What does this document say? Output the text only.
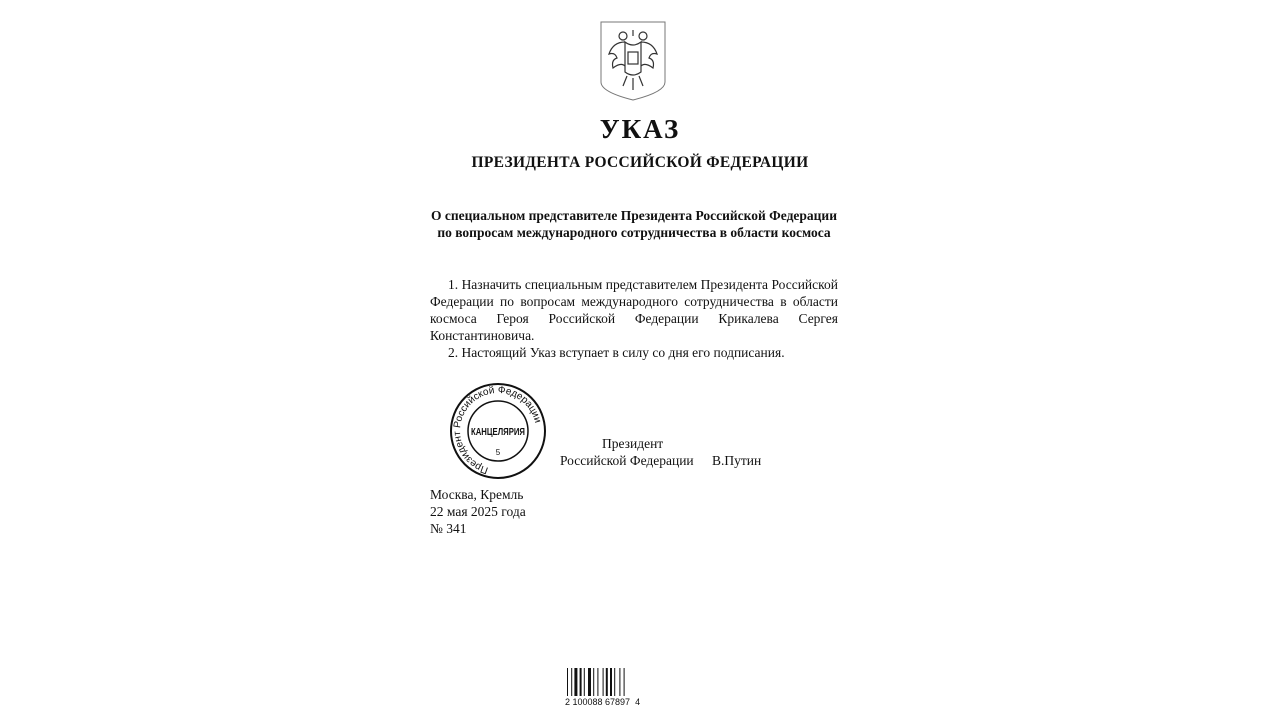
УКАЗ
ПРЕЗИДЕНТА РОССИЙСКОЙ ФЕДЕРАЦИИ
О специальном представителе Президента Российской Федерации по вопросам международного сотрудничества в области космоса

1. Назначить специальным представителем Президента Российской Федерации по вопросам международного сотрудничества в области космоса Героя Российской Федерации Крикалева Сергея Константиновича.

2. Настоящий Указ вступает в силу со дня его подписания.

Президент Российской Федерации
КАНЦЕЛЯРИЯ
5
Президент
Российской Федерации В.Путин
Москва, Кремль
22 мая 2025 года
№ 341
2 100088 67897  4
